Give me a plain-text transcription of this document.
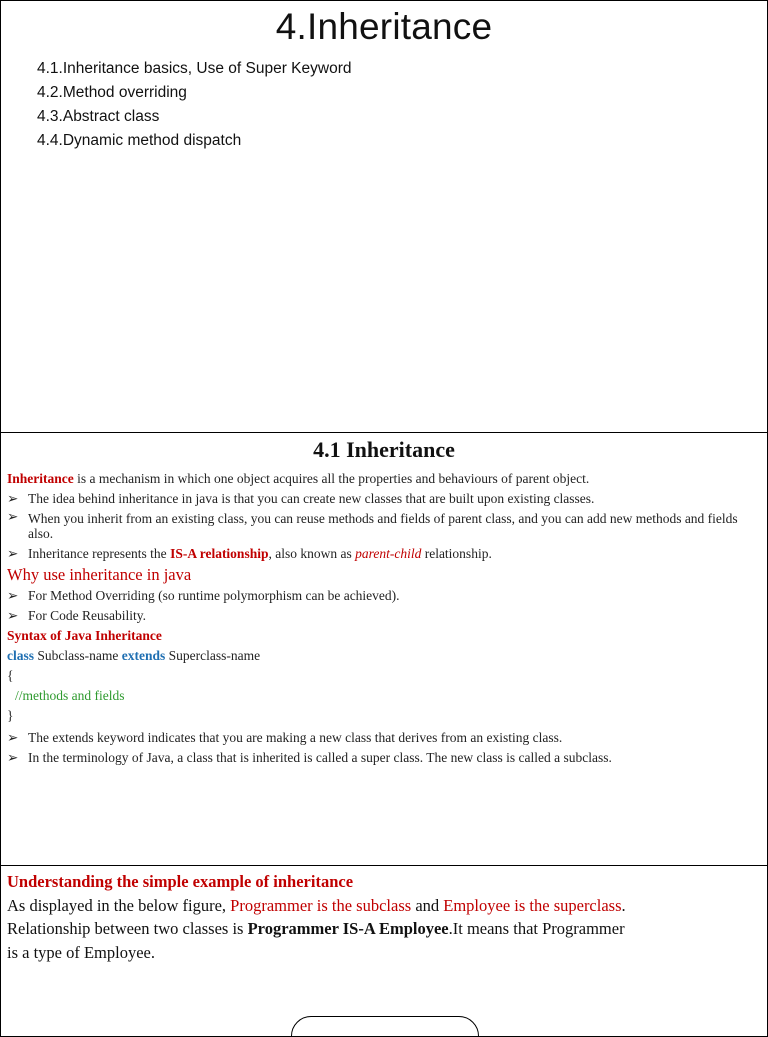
4.Inheritance
4.1.Inheritance basics, Use of Super Keyword
4.2.Method overriding
4.3.Abstract class
4.4.Dynamic method dispatch
4.1 Inheritance
Inheritance is a mechanism in which one object acquires all the properties and behaviours of parent object.
➢ The idea behind inheritance in java is that you can create new classes that are built upon existing classes.
➢ When you inherit from an existing class, you can reuse methods and fields of parent class, and you can add new methods and fields also.
➢ Inheritance represents the IS-A relationship, also known as parent-child relationship.
Why use inheritance in java
➢ For Method Overriding (so runtime polymorphism can be achieved).
➢ For Code Reusability.
Syntax of Java Inheritance
class Subclass-name extends Superclass-name
{
//methods and fields
}
➢ The extends keyword indicates that you are making a new class that derives from an existing class.
➢ In the terminology of Java, a class that is inherited is called a super class. The new class is called a subclass.
Understanding the simple example of inheritance
As displayed in the below figure, Programmer is the subclass and Employee is the superclass.
Relationship between two classes is Programmer IS-A Employee.It means that Programmer
is a type of Employee.
